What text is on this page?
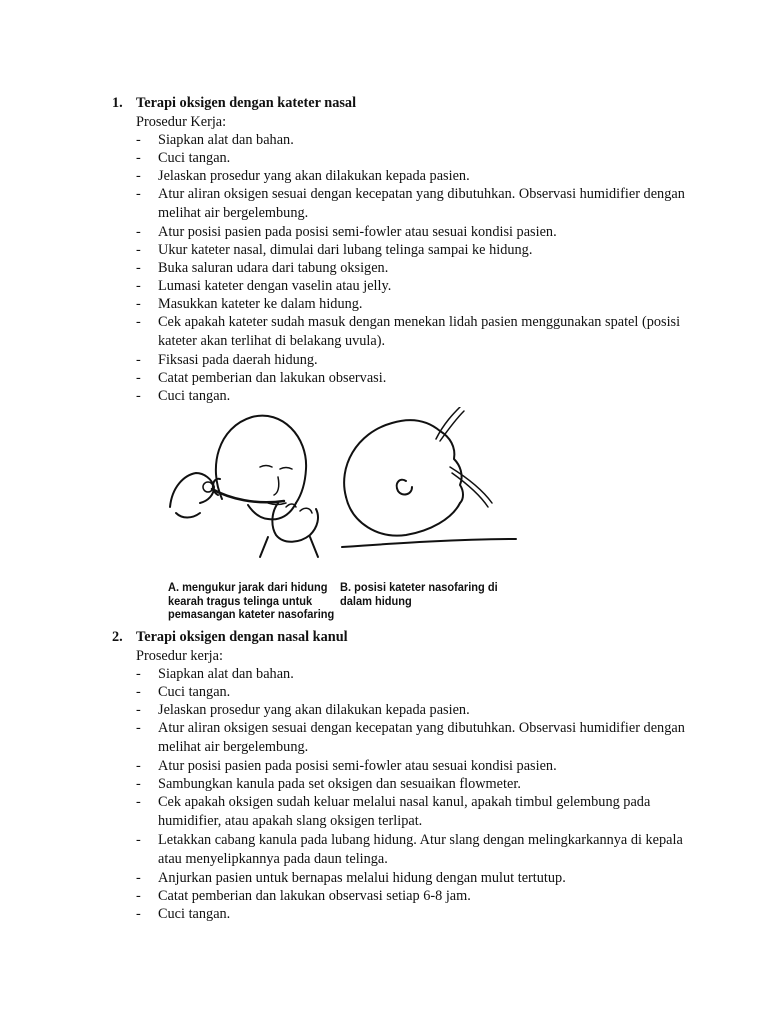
1. Terapi oksigen dengan kateter nasal
Prosedur Kerja:
- Siapkan alat dan bahan.
- Cuci tangan.
- Jelaskan prosedur yang akan dilakukan kepada pasien.
- Atur aliran oksigen sesuai dengan kecepatan yang dibutuhkan. Observasi humidifier dengan melihat air bergelembung.
- Atur posisi pasien pada posisi semi-fowler atau sesuai kondisi pasien.
- Ukur kateter nasal, dimulai dari lubang telinga sampai ke hidung.
- Buka saluran udara dari tabung oksigen.
- Lumasi kateter dengan vaselin atau jelly.
- Masukkan kateter ke dalam hidung.
- Cek apakah kateter sudah masuk dengan menekan lidah pasien menggunakan spatel (posisi kateter akan terlihat di belakang uvula).
- Fiksasi pada daerah hidung.
- Catat pemberian dan lakukan observasi.
- Cuci tangan.
A. mengukur jarak dari hidung
kearah tragus telinga untuk
pemasangan kateter nasofaring
B. posisi kateter nasofaring di
dalam hidung
2. Terapi oksigen dengan nasal kanul
Prosedur kerja:
- Siapkan alat dan bahan.
- Cuci tangan.
- Jelaskan prosedur yang akan dilakukan kepada pasien.
- Atur aliran oksigen sesuai dengan kecepatan yang dibutuhkan. Observasi humidifier dengan melihat air bergelembung.
- Atur posisi pasien pada posisi semi-fowler atau sesuai kondisi pasien.
- Sambungkan kanula pada set oksigen dan sesuaikan flowmeter.
- Cek apakah oksigen sudah keluar melalui nasal kanul, apakah timbul gelembung pada humidifier, atau apakah slang oksigen terlipat.
- Letakkan cabang kanula pada lubang hidung. Atur slang dengan melingkarkannya di kepala atau menyelipkannya pada daun telinga.
- Anjurkan pasien untuk bernapas melalui hidung dengan mulut tertutup.
- Catat pemberian dan lakukan observasi setiap 6-8 jam.
- Cuci tangan.
